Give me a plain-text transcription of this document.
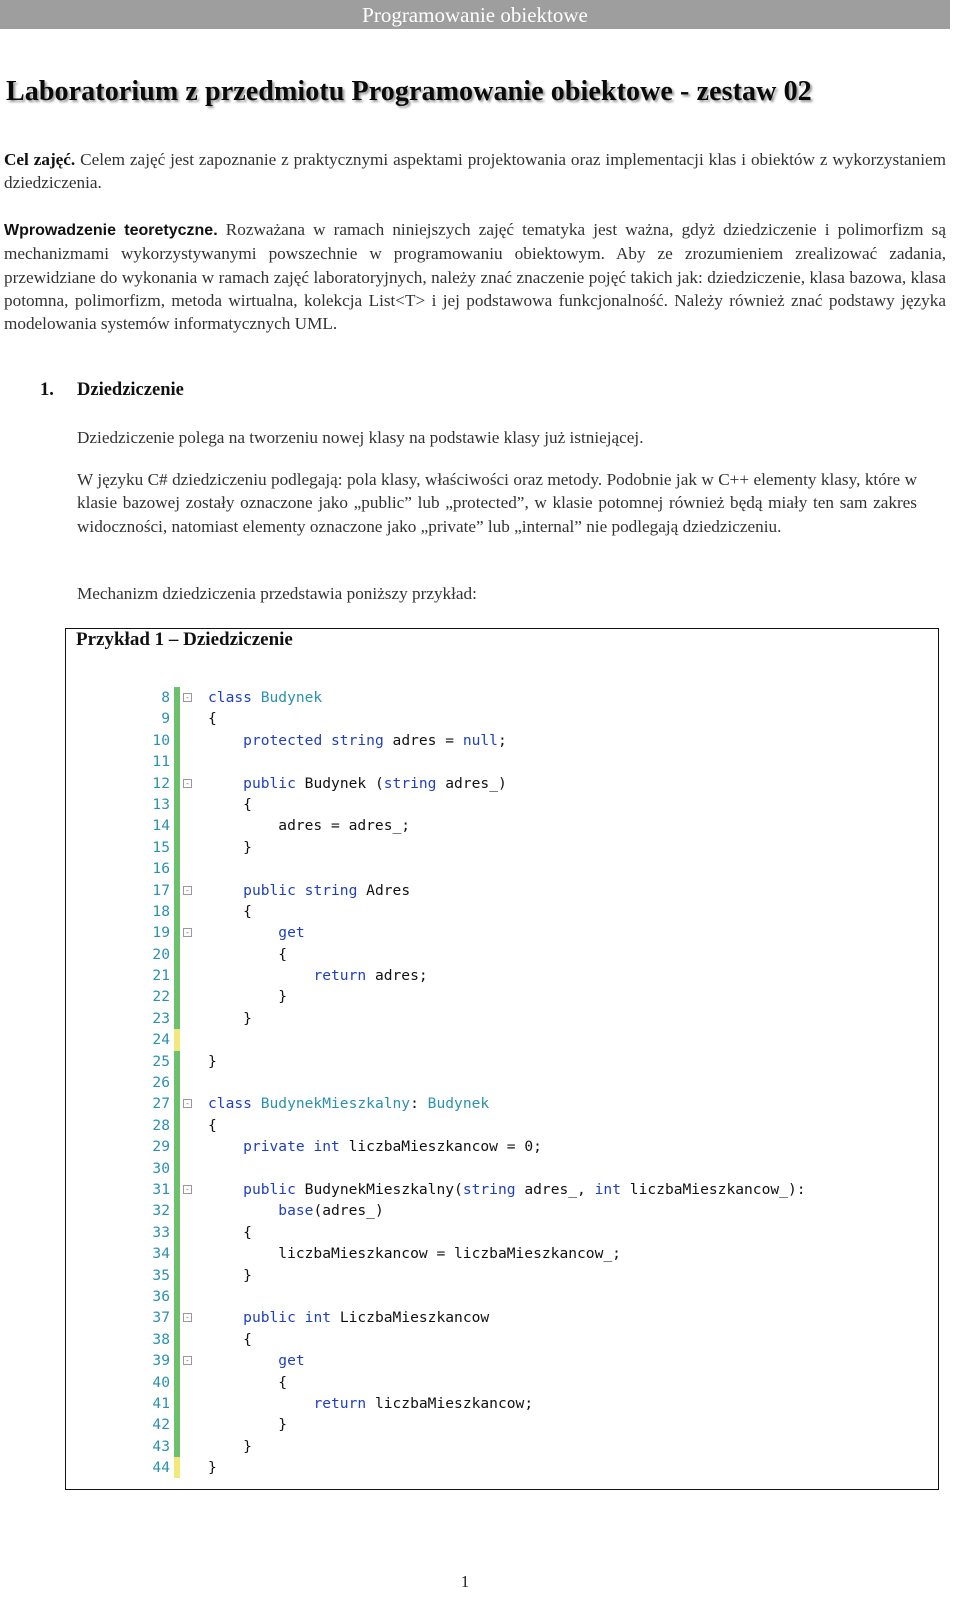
Programowanie obiektowe
Laboratorium z przedmiotu Programowanie obiektowe - zestaw 02

Cel zajęć. Celem zajęć jest zapoznanie z praktycznymi aspektami projektowania oraz implementacji klas i obiektów z wykorzystaniem dziedziczenia.

Wprowadzenie teoretyczne. Rozważana w ramach niniejszych zajęć tematyka jest ważna, gdyż dziedziczenie i polimorfizm są mechanizmami wykorzystywanymi powszechnie w programowaniu obiektowym. Aby ze zrozumieniem zrealizować zadania, przewidziane do wykonania w ramach zajęć laboratoryjnych, należy znać znaczenie pojęć takich jak: dziedziczenie, klasa bazowa, klasa potomna, polimorfizm, metoda wirtualna, kolekcja List<T> i jej podstawowa funkcjonalność. Należy również znać podstawy języka modelowania systemów informatycznych UML.

1. Dziedziczenie

Dziedziczenie polega na tworzeniu nowej klasy na podstawie klasy już istniejącej.

W języku C# dziedziczeniu podlegają: pola klasy, właściwości oraz metody. Podobnie jak w C++ elementy klasy, które w klasie bazowej zostały oznaczone jako „public” lub „protected”, w klasie potomnej również będą miały ten sam zakres widoczności, natomiast elementy oznaczone jako „private” lub „internal” nie podlegają dziedziczeniu.

Mechanizm dziedziczenia przedstawia poniższy przykład:

Przykład 1 – Dziedziczenie
8	- class Budynek
9	{
10	protected string adres = null;
11
12	-	public Budynek (string adres_)
13	{
14	adres = adres_;
15	}
16
17	-	public string Adres
18	{
19	-	get
20	{
21	return adres;
22	}
23	}
24
25	}
26
27	- class BudynekMieszkalny: Budynek
28	{
29	private int liczbaMieszkancow = 0;
30
31	-	public BudynekMieszkalny(string adres_, int liczbaMieszkancow_):
32	base(adres_)
33	{
34	liczbaMieszkancow = liczbaMieszkancow_;
35	}
36
37	-	public int LiczbaMieszkancow
38	{
39	-	get
40	{
41	return liczbaMieszkancow;
42	}
43	}
44	}
1
